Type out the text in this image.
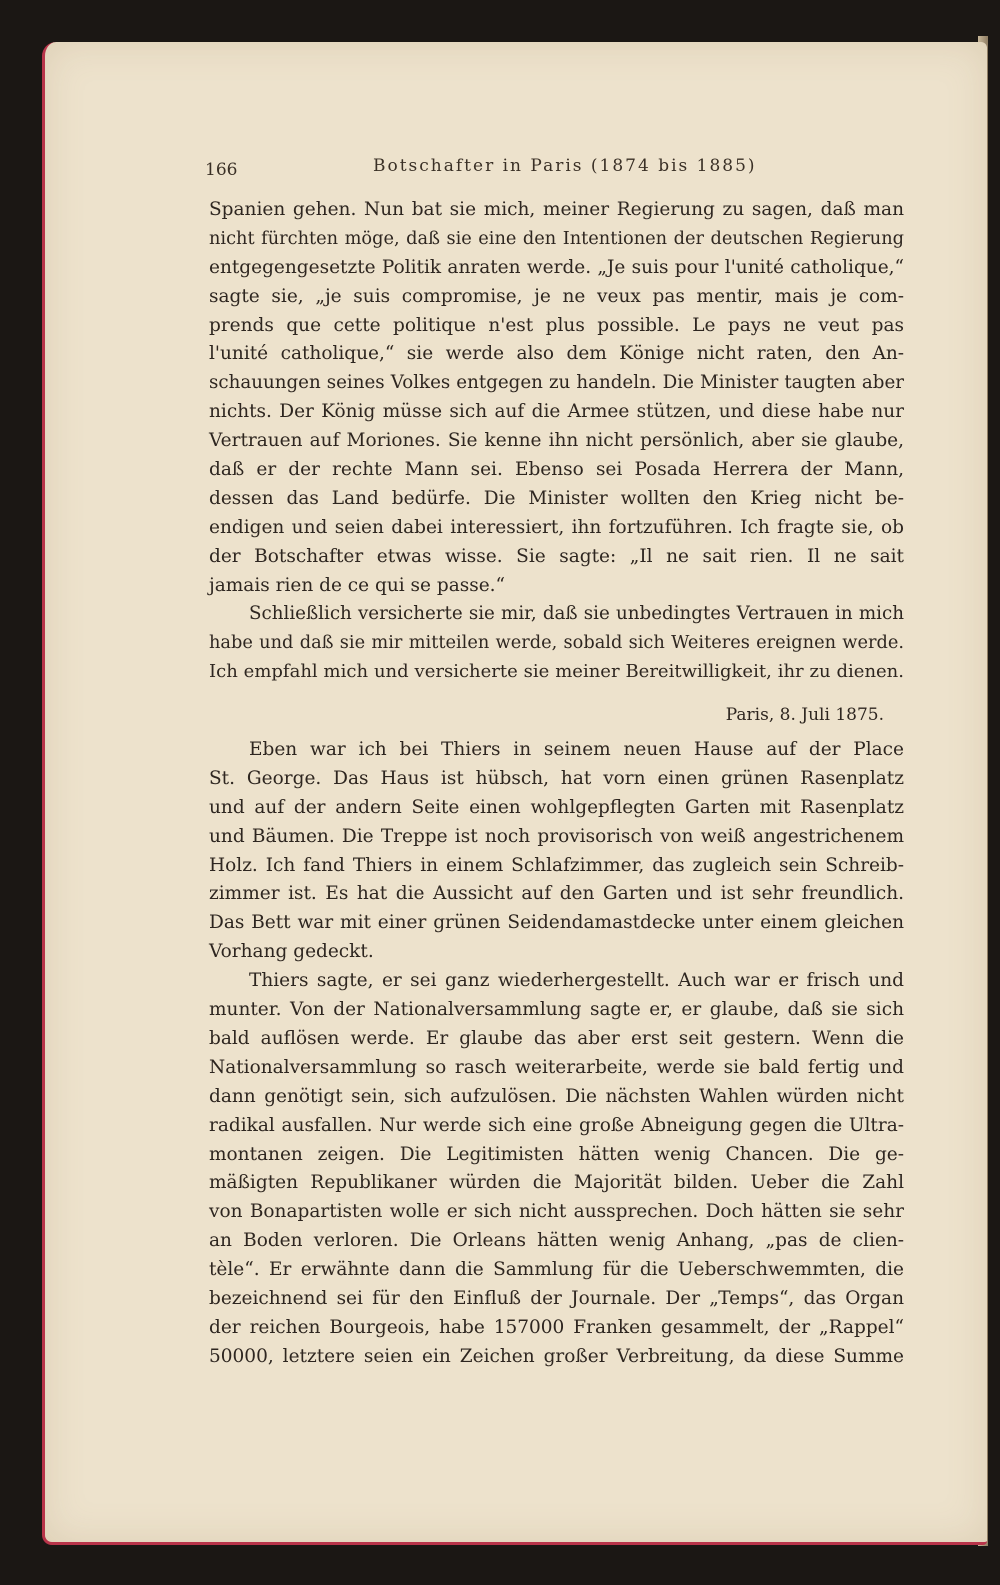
166	Botschafter in Paris (1874 bis 1885)
Spanien gehen. Nun bat sie mich, meiner Regierung zu sagen, daß man
nicht fürchten möge, daß sie eine den Intentionen der deutschen Regierung
entgegengesetzte Politik anraten werde. „Je suis pour l'unité catholique,“
sagte sie, „je suis compromise, je ne veux pas mentir, mais je com-
prends que cette politique n'est plus possible. Le pays ne veut pas
l'unité catholique,“ sie werde also dem Könige nicht raten, den An-
schauungen seines Volkes entgegen zu handeln. Die Minister taugten aber
nichts. Der König müsse sich auf die Armee stützen, und diese habe nur
Vertrauen auf Moriones. Sie kenne ihn nicht persönlich, aber sie glaube,
daß er der rechte Mann sei. Ebenso sei Posada Herrera der Mann,
dessen das Land bedürfe. Die Minister wollten den Krieg nicht be-
endigen und seien dabei interessiert, ihn fortzuführen. Ich fragte sie, ob
der Botschafter etwas wisse. Sie sagte: „Il ne sait rien. Il ne sait
jamais rien de ce qui se passe.“
Schließlich versicherte sie mir, daß sie unbedingtes Vertrauen in mich
habe und daß sie mir mitteilen werde, sobald sich Weiteres ereignen werde.
Ich empfahl mich und versicherte sie meiner Bereitwilligkeit, ihr zu dienen.
Paris, 8. Juli 1875.
Eben war ich bei Thiers in seinem neuen Hause auf der Place
St. George. Das Haus ist hübsch, hat vorn einen grünen Rasenplatz
und auf der andern Seite einen wohlgepflegten Garten mit Rasenplatz
und Bäumen. Die Treppe ist noch provisorisch von weiß angestrichenem
Holz. Ich fand Thiers in einem Schlafzimmer, das zugleich sein Schreib-
zimmer ist. Es hat die Aussicht auf den Garten und ist sehr freundlich.
Das Bett war mit einer grünen Seidendamastdecke unter einem gleichen
Vorhang gedeckt.
Thiers sagte, er sei ganz wiederhergestellt. Auch war er frisch und
munter. Von der Nationalversammlung sagte er, er glaube, daß sie sich
bald auflösen werde. Er glaube das aber erst seit gestern. Wenn die
Nationalversammlung so rasch weiterarbeite, werde sie bald fertig und
dann genötigt sein, sich aufzulösen. Die nächsten Wahlen würden nicht
radikal ausfallen. Nur werde sich eine große Abneigung gegen die Ultra-
montanen zeigen. Die Legitimisten hätten wenig Chancen. Die ge-
mäßigten Republikaner würden die Majorität bilden. Ueber die Zahl
von Bonapartisten wolle er sich nicht aussprechen. Doch hätten sie sehr
an Boden verloren. Die Orleans hätten wenig Anhang, „pas de clien-
tèle“. Er erwähnte dann die Sammlung für die Ueberschwemmten, die
bezeichnend sei für den Einfluß der Journale. Der „Temps“, das Organ
der reichen Bourgeois, habe 157000 Franken gesammelt, der „Rappel“
50000, letztere seien ein Zeichen großer Verbreitung, da diese Summe
